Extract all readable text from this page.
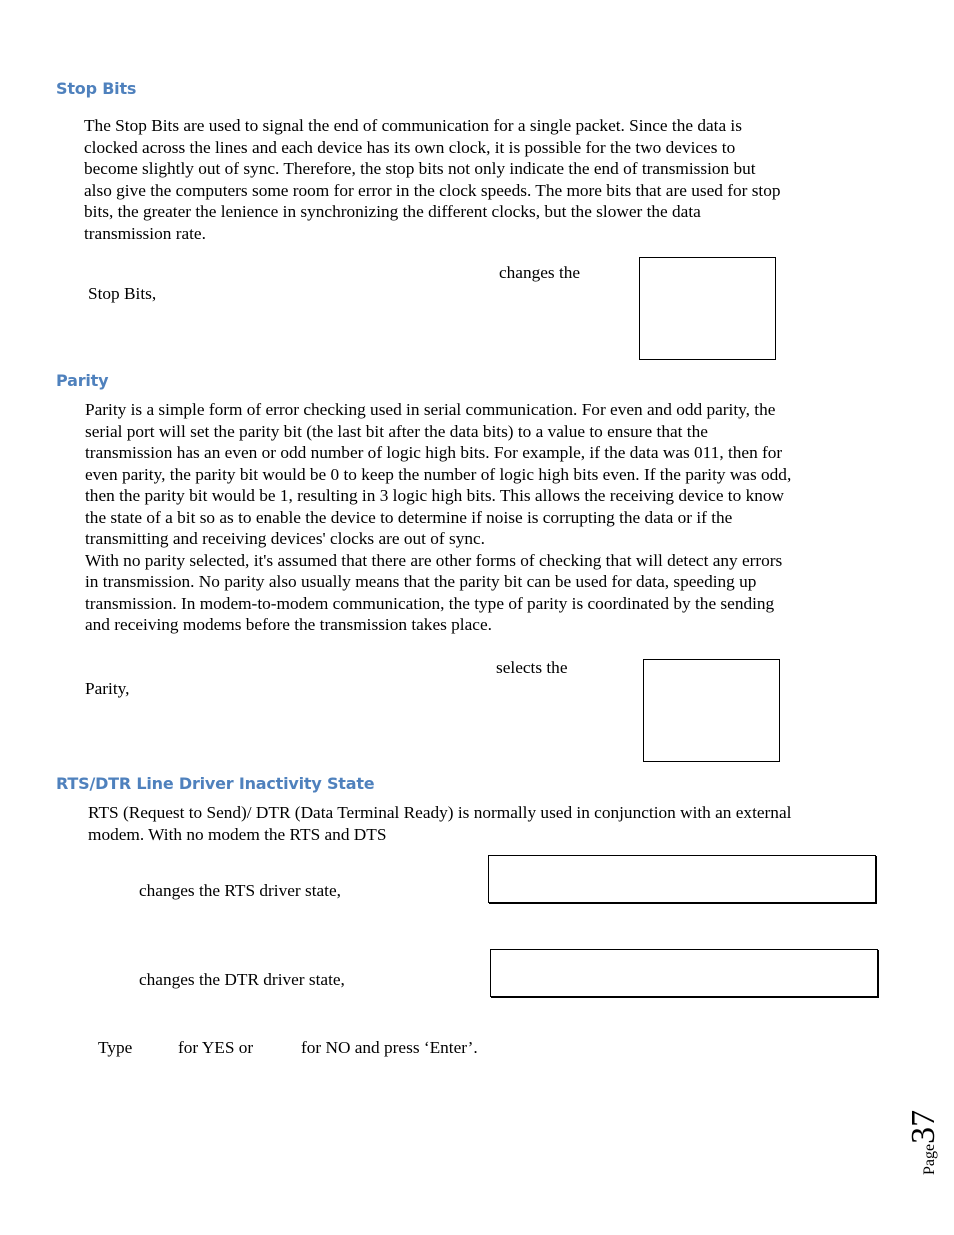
Stop Bits
The Stop Bits are used to signal the end of communication for a single packet. Since the data is
clocked across the lines and each device has its own clock, it is possible for the two devices to
become slightly out of sync. Therefore, the stop bits not only indicate the end of transmission but
also give the computers some room for error in the clock speeds. The more bits that are used for stop
bits, the greater the lenience in synchronizing the different clocks, but the slower the data
transmission rate.
changes the
Stop Bits,
Parity
Parity is a simple form of error checking used in serial communication. For even and odd parity, the
serial port will set the parity bit (the last bit after the data bits) to a value to ensure that the
transmission has an even or odd number of logic high bits. For example, if the data was 011, then for
even parity, the parity bit would be 0 to keep the number of logic high bits even. If the parity was odd,
then the parity bit would be 1, resulting in 3 logic high bits. This allows the receiving device to know
the state of a bit so as to enable the device to determine if noise is corrupting the data or if the
transmitting and receiving devices' clocks are out of sync.
With no parity selected, it's assumed that there are other forms of checking that will detect any errors
in transmission. No parity also usually means that the parity bit can be used for data, speeding up
transmission. In modem-to-modem communication, the type of parity is coordinated by the sending
and receiving modems before the transmission takes place.
selects the
Parity,
RTS/DTR Line Driver Inactivity State
RTS (Request to Send)/ DTR (Data Terminal Ready) is normally used in conjunction with an external
modem. With no modem the RTS and DTS
changes the RTS driver state,
changes the DTR driver state,
Type	for YES or	for NO and press ‘Enter’.
Page37
